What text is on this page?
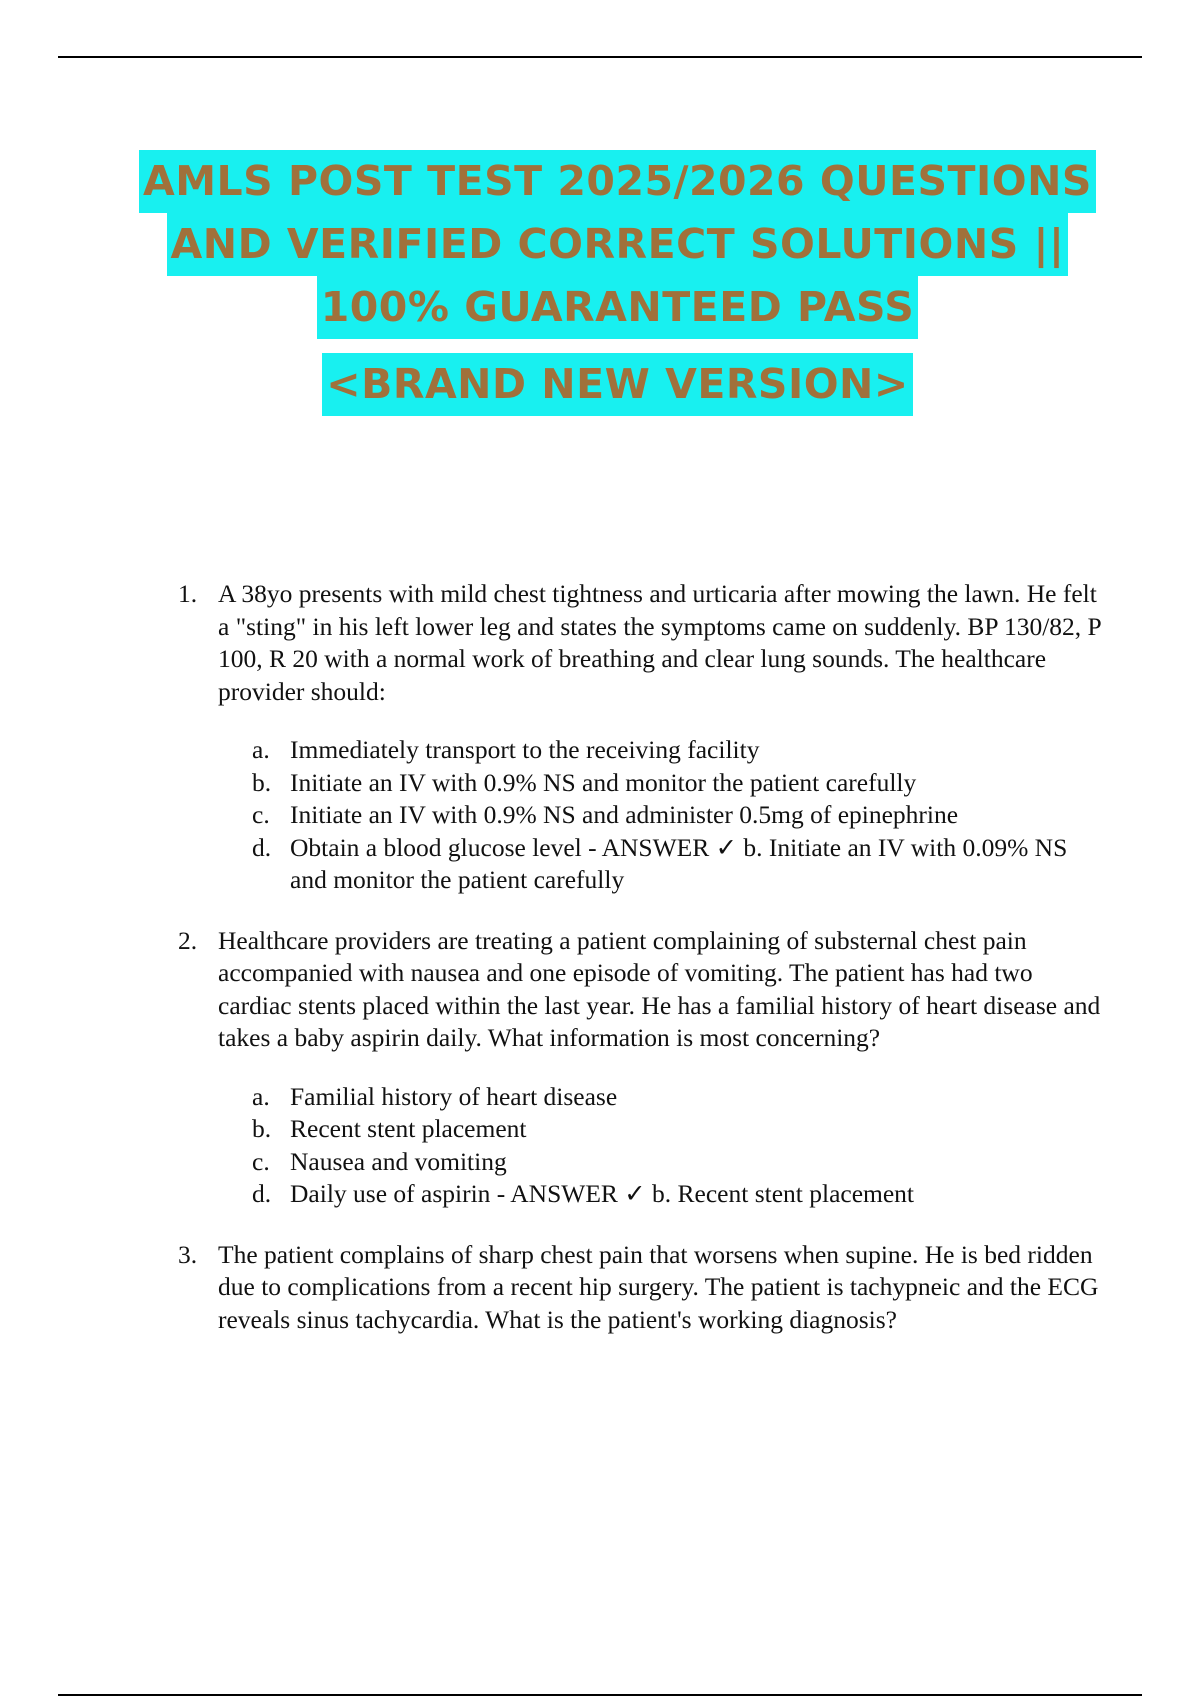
AMLS POST TEST 2025/2026 QUESTIONS
AND VERIFIED CORRECT SOLUTIONS ||
100% GUARANTEED PASS
<BRAND NEW VERSION>
1. A 38yo presents with mild chest tightness and urticaria after mowing the lawn. He felt a "sting" in his left lower leg and states the symptoms came on suddenly. BP 130/82, P 100, R 20 with a normal work of breathing and clear lung sounds. The healthcare provider should:

a. Immediately transport to the receiving facility
b. Initiate an IV with 0.9% NS and monitor the patient carefully
c. Initiate an IV with 0.9% NS and administer 0.5mg of epinephrine
d. Obtain a blood glucose level - ANSWER ✓ b. Initiate an IV with 0.09% NS and monitor the patient carefully
2. Healthcare providers are treating a patient complaining of substernal chest pain accompanied with nausea and one episode of vomiting. The patient has had two cardiac stents placed within the last year. He has a familial history of heart disease and takes a baby aspirin daily. What information is most concerning?

a. Familial history of heart disease
b. Recent stent placement
c. Nausea and vomiting
d. Daily use of aspirin - ANSWER ✓ b. Recent stent placement
3. The patient complains of sharp chest pain that worsens when supine. He is bed ridden due to complications from a recent hip surgery. The patient is tachypneic and the ECG reveals sinus tachycardia. What is the patient's working diagnosis?
